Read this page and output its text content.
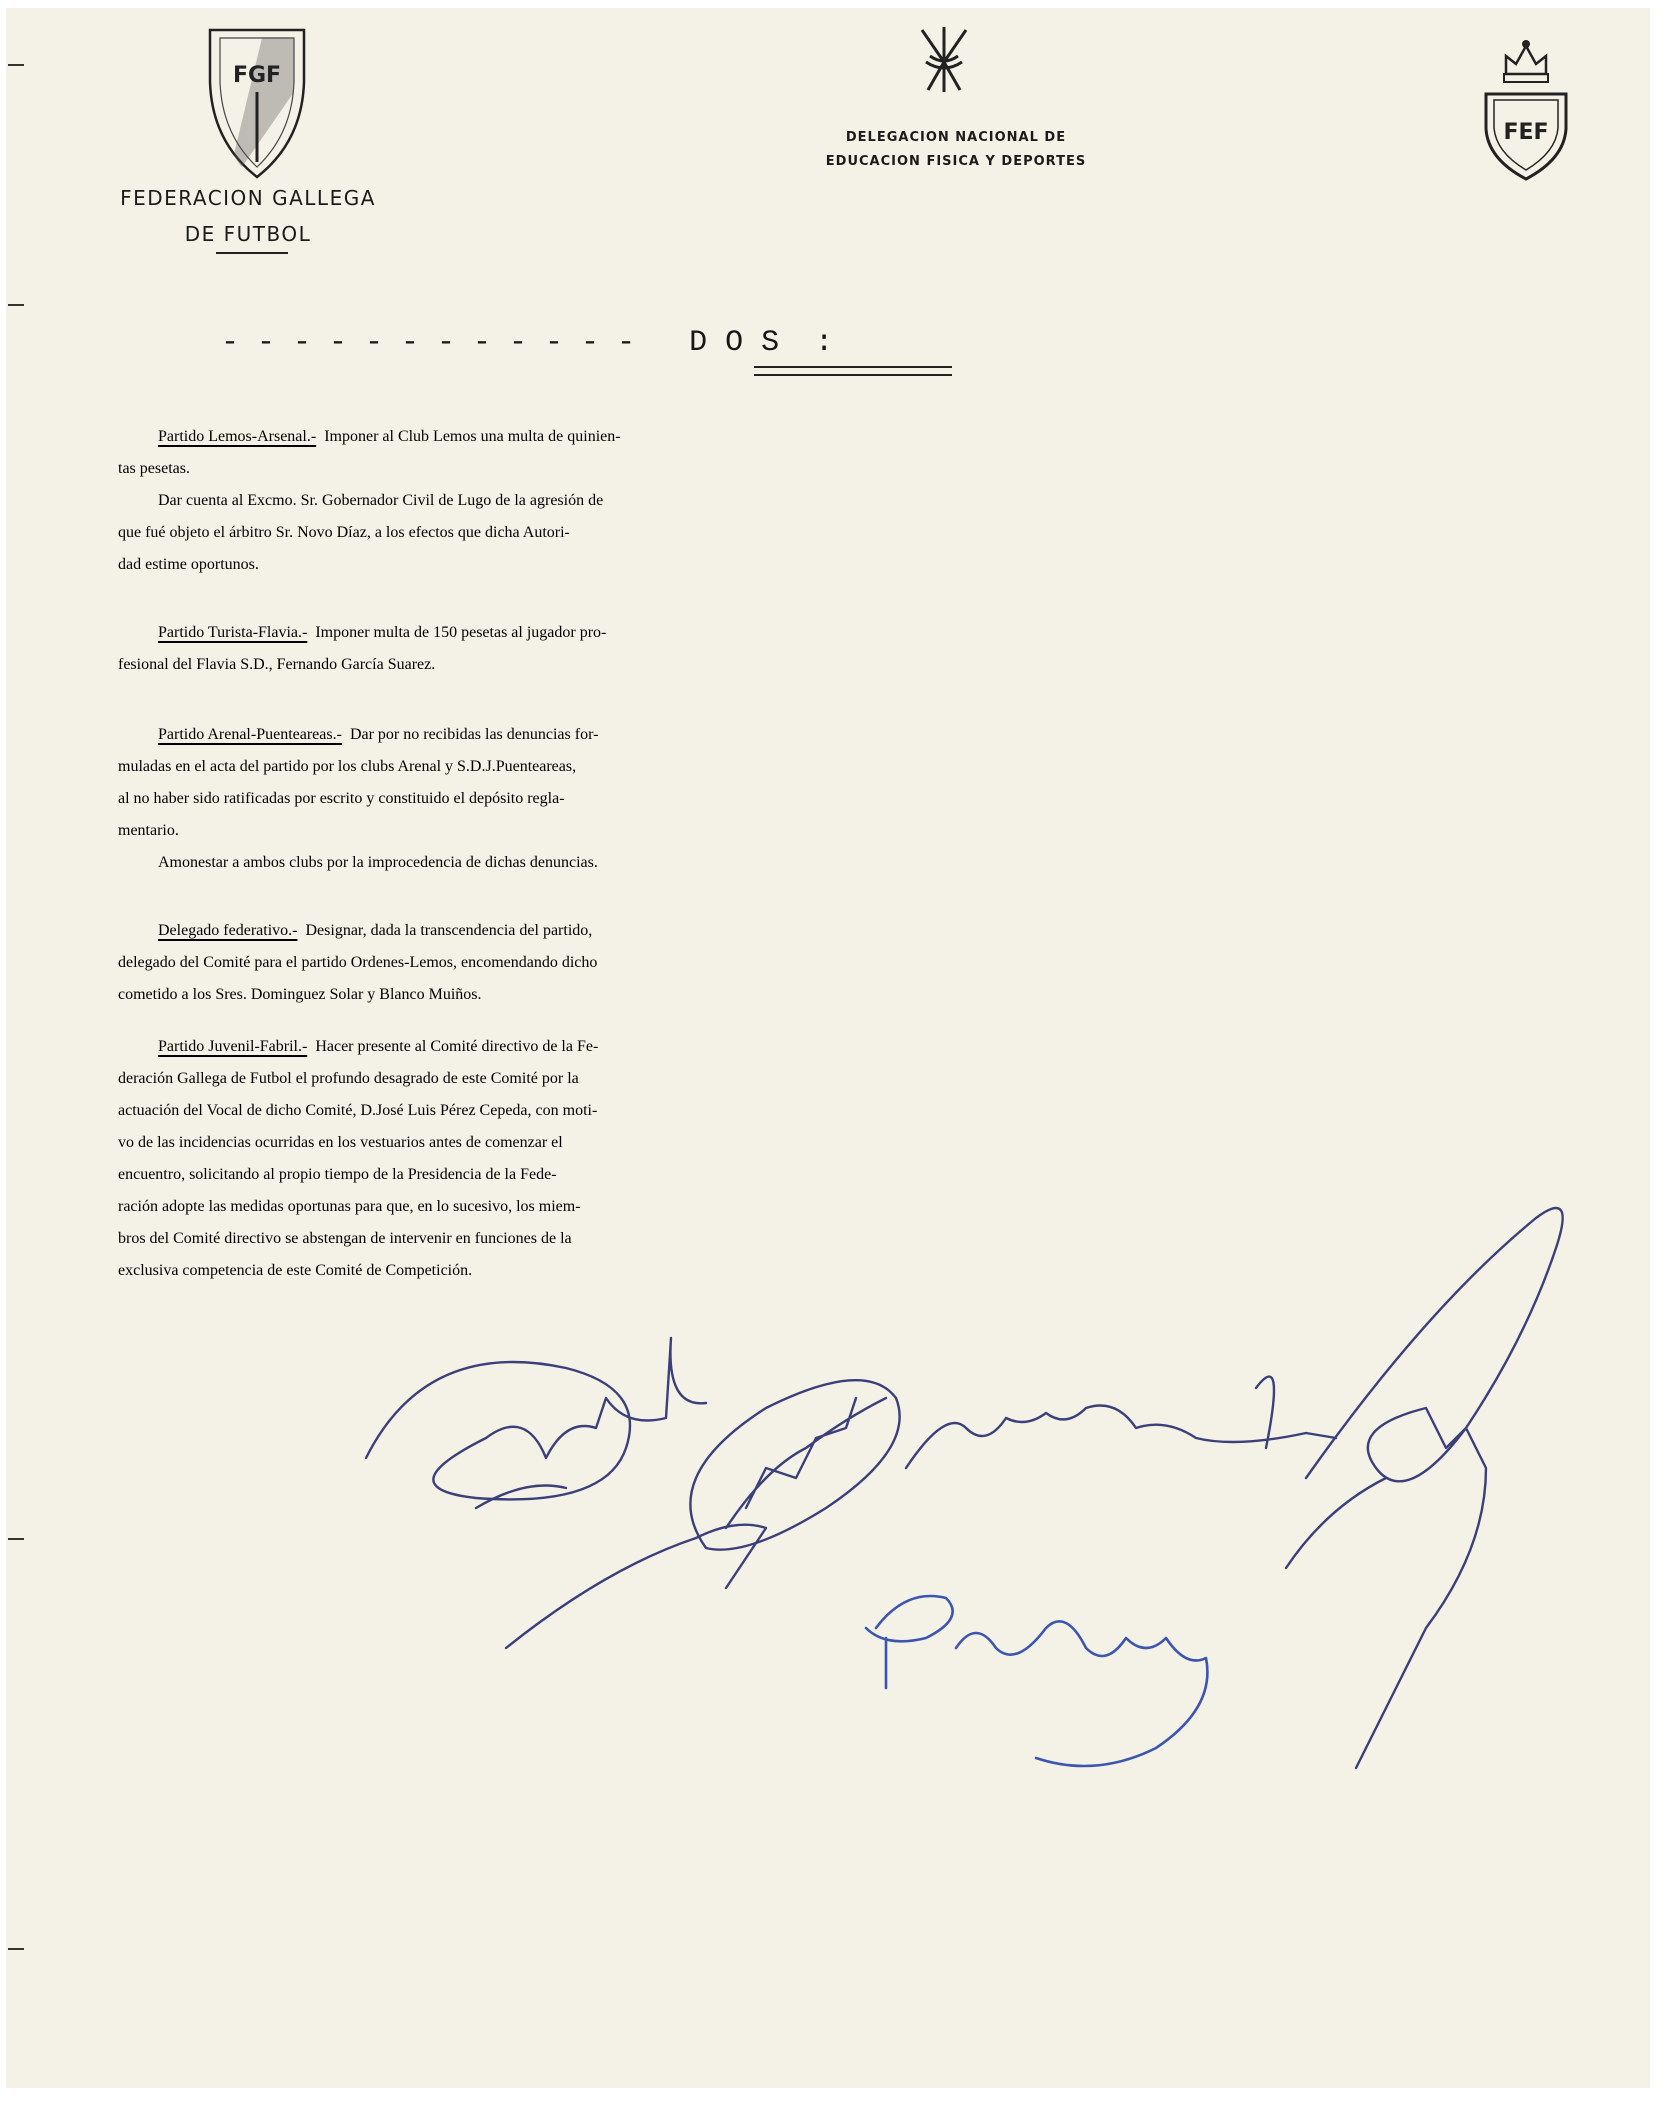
FGF
FEDERACION GALLEGA
DE FUTBOL
DELEGACION NACIONAL DE
EDUCACION FISICA Y DEPORTES
FEF
- - - - - - - - - - - -   D O S  :
Partido Lemos-Arsenal.-  Imponer al Club Lemos una multa de quinien-
tas pesetas.
Dar cuenta al Excmo. Sr. Gobernador Civil de Lugo de la agresión de
que fué objeto el árbitro Sr. Novo Díaz, a los efectos que dicha Autori-
dad estime oportunos.
Partido Turista-Flavia.-  Imponer multa de 150 pesetas al jugador pro-
fesional del Flavia S.D., Fernando García Suarez.
Partido Arenal-Puenteareas.-  Dar por no recibidas las denuncias for-
muladas en el acta del partido por los clubs Arenal y S.D.J.Puenteareas,
al no haber sido ratificadas por escrito y constituido el depósito regla-
mentario.
Amonestar a ambos clubs por la improcedencia de dichas denuncias.
Delegado federativo.-  Designar, dada la transcendencia del partido,
delegado del Comité para el partido Ordenes-Lemos, encomendando dicho
cometido a los Sres. Dominguez Solar y Blanco Muiños.
Partido Juvenil-Fabril.-  Hacer presente al Comité directivo de la Fe-
deración Gallega de Futbol el profundo desagrado de este Comité por la
actuación del Vocal de dicho Comité, D.José Luis Pérez Cepeda, con moti-
vo de las incidencias ocurridas en los vestuarios antes de comenzar el
encuentro, solicitando al propio tiempo de la Presidencia de la Fede-
ración adopte las medidas oportunas para que, en lo sucesivo, los miem-
bros del Comité directivo se abstengan de intervenir en funciones de la
exclusiva competencia de este Comité de Competición.
